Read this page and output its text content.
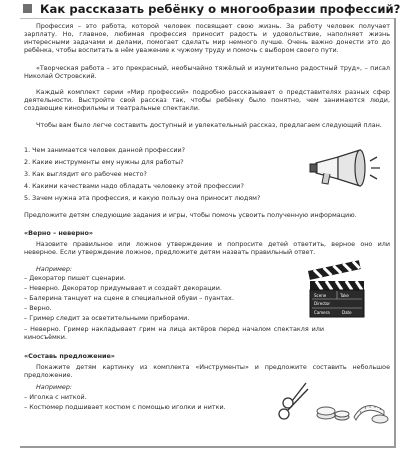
Как рассказать ребёнку о многообразии профессий?

Профессия – это работа, которой человек посвящает свою жизнь. За работу человек получает зарплату. Но, главное, любимая профессия приносит радость и удовольствие, наполняет жизнь интересными задачами и делами, помогает сделать мир немного лучше. Очень важно донести это до ребёнка, чтобы воспитать в нём уважение к чужому труду и помочь с выбором своего пути.

«Творческая работа – это прекрасный, необычайно тяжёлый и изумительно радостный труд», – писал Николай Островский.

Каждый комплект серии «Мир профессий» подробно рассказывает о представителях разных сфер деятельности. Выстройте свой рассказ так, чтобы ребёнку было понятно, чем занимаются люди, создающие кинофильмы и театральные спектакли.

Чтобы вам было легче составить доступный и увлекательный рассказ, предлагаем следующий план.

1. Чем занимается человек данной профессии?
2. Какие инструменты ему нужны для работы?
3. Как выглядит его рабочее место?
4. Какими качествами надо обладать человеку этой профессии?
5. Зачем нужна эта профессия, и какую пользу она приносит людям?
Предложите детям следующие задания и игры, чтобы помочь усвоить полученную информацию.
«Верно – неверно»

Назовите правильное или ложное утверждение и попросите детей ответить, верное оно или неверное. Если утверждение ложное, предложите детям назвать правильный ответ.

Например:
– Декоратор пишет сценарии.
– Неверно. Декоратор придумывает и создаёт декорации.
– Балерина танцует на сцене в специальной обуви – пуантах.
– Верно.
– Гример следит за осветительными приборами.

– Неверно. Гример накладывает грим на лица актёров перед началом спектакля или киносъёмки.

Scene	Take
Director
Camera	Date
«Составь предложение»

Покажите детям картинку из комплекта «Инструменты» и предложите составить небольшое предложение.

Например:
– Иголка с ниткой.
– Костюмер подшивает костюм с помощью иголки и нитки.
